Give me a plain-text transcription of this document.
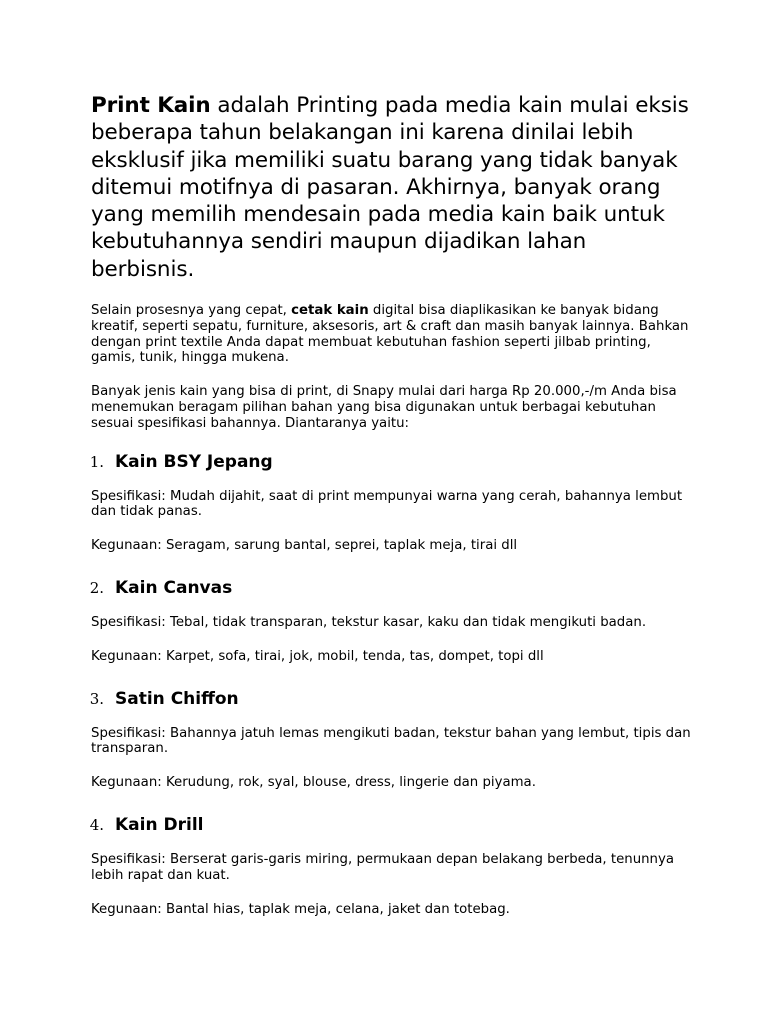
Print Kain adalah Printing pada media kain mulai eksis beberapa tahun belakangan ini karena dinilai lebih eksklusif jika memiliki suatu barang yang tidak banyak ditemui motifnya di pasaran. Akhirnya, banyak orang yang memilih mendesain pada media kain baik untuk kebutuhannya sendiri maupun dijadikan lahan berbisnis.

Selain prosesnya yang cepat, cetak kain digital bisa diaplikasikan ke banyak bidang kreatif, seperti sepatu, furniture, aksesoris, art & craft dan masih banyak lainnya. Bahkan dengan print textile Anda dapat membuat kebutuhan fashion seperti jilbab printing, gamis, tunik, hingga mukena.

Banyak jenis kain yang bisa di print, di Snapy mulai dari harga Rp 20.000,-/m Anda bisa menemukan beragam pilihan bahan yang bisa digunakan untuk berbagai kebutuhan sesuai spesifikasi bahannya. Diantaranya yaitu:

1. Kain BSY Jepang

Spesifikasi: Mudah dijahit, saat di print mempunyai warna yang cerah, bahannya lembut dan tidak panas.

Kegunaan: Seragam, sarung bantal, seprei, taplak meja, tirai dll

2. Kain Canvas

Spesifikasi: Tebal, tidak transparan, tekstur kasar, kaku dan tidak mengikuti badan.

Kegunaan: Karpet, sofa, tirai, jok, mobil, tenda, tas, dompet, topi dll

3. Satin Chiffon

Spesifikasi: Bahannya jatuh lemas mengikuti badan, tekstur bahan yang lembut, tipis dan transparan.

Kegunaan: Kerudung, rok, syal, blouse, dress, lingerie dan piyama.

4. Kain Drill

Spesifikasi: Berserat garis-garis miring, permukaan depan belakang berbeda, tenunnya lebih rapat dan kuat.

Kegunaan: Bantal hias, taplak meja, celana, jaket dan totebag.
